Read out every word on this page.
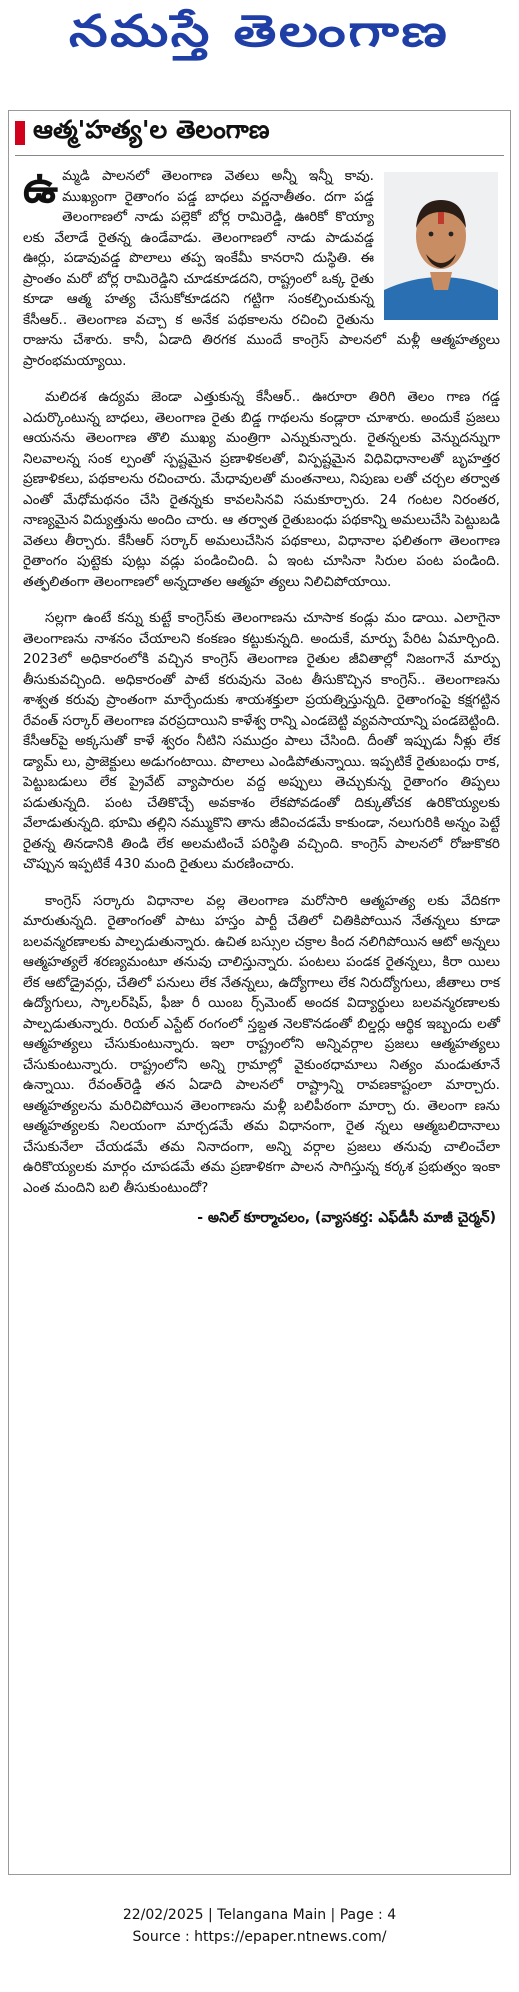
నమస్తే తెలంగాణ
ఆత్మ'హత్య'ల తెలంగాణ

ఉమ్మడి పాలనలో తెలంగాణ వెతలు అన్నీ ఇన్నీ కావు. ముఖ్యంగా రైతాంగం పడ్డ బాధలు వర్ణనాతీతం. దగా పడ్డ తెలంగాణలో నాడు పల్లెకో బోర్ల రామిరెడ్డి, ఊరికో కొయ్యా లకు వేలాడే రైతన్న ఉండేవాడు. తెలంగాణలో నాడు పాడువడ్డ ఊర్లు, పడావువడ్డ పొలాలు తప్ప ఇంకేమీ కానరాని దుస్థితి. ఈ ప్రాంతం మరో బోర్ల రామిరెడ్డిని చూడకూడదని, రాష్ట్రంలో ఒక్క రైతు కూడా ఆత్మ హత్య చేసుకోకూడదని గట్టిగా సంకల్పించుకున్న కేసీఆర్.. తెలంగాణ వచ్చా క అనేక పథకాలను రచించి రైతును రాజును చేశారు. కానీ, ఏడాది తిరగక ముందే కాంగ్రెస్ పాలనలో మళ్లీ ఆత్మహత్యలు ప్రారంభమయ్యాయి.

మలిదశ ఉద్యమ జెండా ఎత్తుకున్న కేసీఆర్.. ఊరూరా తిరిగి తెలం గాణ గడ్డ ఎదుర్కొంటున్న బాధలు, తెలంగాణ రైతు బిడ్డ గాథలను కండ్లారా చూశారు. అందుకే ప్రజలు ఆయనను తెలంగాణ తొలి ముఖ్య మంత్రిగా ఎన్నుకున్నారు. రైతన్నలకు వెన్నుదన్నుగా నిలవాలన్న సంక ల్పంతో స్పష్టమైన ప్రణాళికలతో, విస్పష్టమైన విధివిధానాలతో బృహత్తర ప్రణాళికలు, పథకాలను రచించారు. మేధావులతో మంతనాలు, నిపుణు లతో చర్చల తర్వాత ఎంతో మేధోమథనం చేసి రైతన్నకు కావలసినవి సమకూర్చారు. 24 గంటల నిరంతర, నాణ్యమైన విద్యుత్తును అందిం చారు. ఆ తర్వాత రైతుబంధు పథకాన్ని అమలుచేసి పెట్టుబడి వెతలు తీర్చారు. కేసీఆర్ సర్కార్ అమలుచేసిన పథకాలు, విధానాల ఫలితంగా తెలంగాణ రైతాంగం పుట్టెకు పుట్లు వడ్లు పండించింది. ఏ ఇంట చూసినా సిరుల పంట పండింది. తత్ఫలితంగా తెలంగాణలో అన్నదాతల ఆత్మహ త్యలు నిలిచిపోయాయి.

సల్లగా ఉంటే కన్ను కుట్టే కాంగ్రెస్‌కు తెలంగాణను చూసాక కండ్లు మం డాయి. ఎలాగైనా తెలంగాణను నాశనం చేయాలని కంకణం కట్టుకున్నది. అందుకే, మార్పు పేరిట ఏమార్చింది. 2023లో అధికారంలోకి వచ్చిన కాంగ్రెస్ తెలంగాణ రైతుల జీవితాల్లో నిజంగానే మార్పు తీసుకువచ్చింది. అధికారంతో పాటే కరువును వెంట తీసుకొచ్చిన కాంగ్రెస్.. తెలంగాణను శాశ్వత కరువు ప్రాంతంగా మార్చేందుకు శాయశక్తులా ప్రయత్నిస్తున్నది. రైతాంగంపై కక్షగట్టిన రేవంత్ సర్కార్ తెలంగాణ వరప్రదాయిని కాళేశ్వ రాన్ని ఎండబెట్టి వ్యవసాయాన్ని పండబెట్టింది. కేసీఆర్‌పై అక్కసుతో కాళే శ్వరం నీటిని సముద్రం పాలు చేసింది. దీంతో ఇప్పుడు నీళ్లు లేక డ్యామ్ లు, ప్రాజెక్టులు అడుగంటాయి. పొలాలు ఎండిపోతున్నాయి. ఇప్పటికే రైతుబంధు రాక, పెట్టుబడులు లేక ప్రైవేట్ వ్యాపారుల వద్ద అప్పులు తెచ్చుకున్న రైతాంగం తిప్పలు పడుతున్నది. పంట చేతికొచ్చే అవకాశం లేకపోవడంతో దిక్కుతోచక ఉరికొయ్యలకు వేలాడుతున్నది. భూమి తల్లిని నమ్ముకొని తాను జీవించడమే కాకుండా, నలుగురికి అన్నం పెట్టే రైతన్న తినడానికి తిండి లేక అలమటించే పరిస్థితి వచ్చింది. కాంగ్రెస్ పాలనలో రోజుకొకరి చొప్పున ఇప్పటికే 430 మంది రైతులు మరణించారు.

కాంగ్రెస్ సర్కారు విధానాల వల్ల తెలంగాణ మరోసారి ఆత్మహత్య లకు వేదికగా మారుతున్నది. రైతాంగంతో పాటు హస్తం పార్టీ చేతిలో చితికిపోయిన నేతన్నలు కూడా బలవన్మరణాలకు పాల్పడుతున్నారు. ఉచిత బస్సుల చక్రాల కింద నలిగిపోయిన ఆటో అన్నలు ఆత్మహత్యలే శరణ్యమంటూ తనువు చాలిస్తున్నారు. పంటలు పండక రైతన్నలు, కిరా యిలు లేక ఆటోడ్రైవర్లు, చేతిలో పనులు లేక నేతన్నలు, ఉద్యోగాలు లేక నిరుద్యోగులు, జీతాలు రాక ఉద్యోగులు, స్కాలర్‌షిప్, ఫీజు రీ యింబ ర్స్‌మెంట్ అందక విద్యార్థులు బలవన్మరణాలకు పాల్పడుతున్నారు. రియల్ ఎస్టేట్ రంగంలో స్తబ్దత నెలకొనడంతో బిల్డర్లు ఆర్థిక ఇబ్బందు లతో ఆత్మహత్యలు చేసుకుంటున్నారు. ఇలా రాష్ట్రంలోని అన్నివర్గాల ప్రజలు ఆత్మహత్యలు చేసుకుంటున్నారు. రాష్ట్రంలోని అన్ని గ్రామాల్లో వైకుంఠధామాలు నిత్యం మండుతూనే ఉన్నాయి. రేవంత్‌రెడ్డి తన ఏడాది పాలనలో రాష్ట్రాన్ని రావణకాష్టంలా మార్చారు. ఆత్మహత్యలను మరిచిపోయిన తెలంగాణను మళ్లీ బలిపీఠంగా మార్చా రు. తెలంగా ణను ఆత్మహత్యలకు నిలయంగా మార్చడమే తమ విధానంగా, రైత న్నలు ఆత్మబలిదానాలు చేసుకునేలా చేయడమే తమ నినాదంగా, అన్ని వర్గాల ప్రజలు తనువు చాలించేలా ఉరికొయ్యలకు మార్గం చూపడమే తమ ప్రణాళికగా పాలన సాగిస్తున్న కర్కశ ప్రభుత్వం ఇంకా ఎంత మందిని బలి తీసుకుంటుందో?

- అనిల్ కూర్మాచలం, (వ్యాసకర్త: ఎఫ్‌డీసీ మాజీ చైర్మన్)
22/02/2025 | Telangana Main | Page : 4
Source : https://epaper.ntnews.com/
